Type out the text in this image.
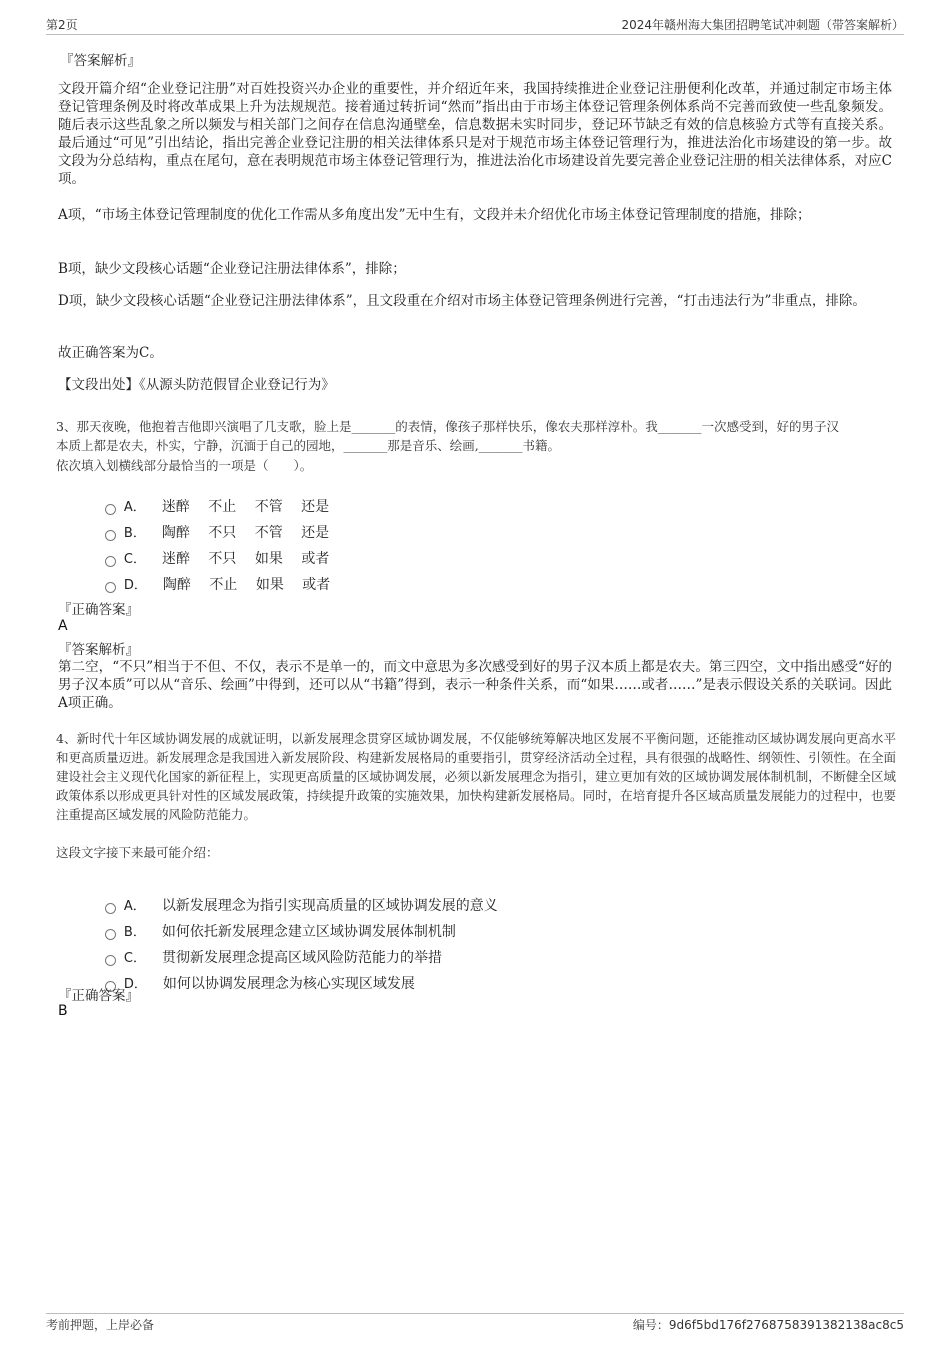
第2页	2024年赣州海大集团招聘笔试冲刺题（带答案解析）
『答案解析』
文段开篇介绍“企业登记注册”对百姓投资兴办企业的重要性，并介绍近年来，我国持续推进企业登记注册便利化改革，并通过制定市场主体登记管理条例及时将改革成果上升为法规规范。接着通过转折词“然而”指出由于市场主体登记管理条例体系尚不完善而致使一些乱象频发。随后表示这些乱象之所以频发与相关部门之间存在信息沟通壁垒，信息数据未实时同步，登记环节缺乏有效的信息核验方式等有直接关系。最后通过“可见”引出结论，指出完善企业登记注册的相关法律体系只是对于规范市场主体登记管理行为，推进法治化市场建设的第一步。故文段为分总结构，重点在尾句，意在表明规范市场主体登记管理行为，推进法治化市场建设首先要完善企业登记注册的相关法律体系，对应C项。
A项，“市场主体登记管理制度的优化工作需从多角度出发”无中生有，文段并未介绍优化市场主体登记管理制度的措施，排除；
B项，缺少文段核心话题“企业登记注册法律体系”，排除；
D项，缺少文段核心话题“企业登记注册法律体系”，且文段重在介绍对市场主体登记管理条例进行完善，“打击违法行为”非重点，排除。
故正确答案为C。
【文段出处】《从源头防范假冒企业登记行为》
3、那天夜晚，他抱着吉他即兴演唱了几支歌，脸上是_______的表情，像孩子那样快乐，像农夫那样淳朴。我_______一次感受到，好的男子汉
本质上都是农夫，朴实，宁静，沉湎于自己的园地，_______那是音乐、绘画,_______书籍。
依次填入划横线部分最恰当的一项是（　　）。

A． 迷醉　 不止　 不管　 还是

B． 陶醉　 不只　 不管　 还是

C． 迷醉　 不只　 如果　 或者

D． 陶醉　 不止　 如果　 或者

『正确答案』
A
『答案解析』
第二空，“不只”相当于不但、不仅，表示不是单一的，而文中意思为多次感受到好的男子汉本质上都是农夫。第三四空，文中指出感受“好的男子汉本质”可以从“音乐、绘画”中得到，还可以从“书籍”得到，表示一种条件关系，而“如果……或者……”是表示假设关系的关联词。因此A项正确。
4、新时代十年区域协调发展的成就证明，以新发展理念贯穿区域协调发展，不仅能够统筹解决地区发展不平衡问题，还能推动区域协调发展向更高水平和更高质量迈进。新发展理念是我国进入新发展阶段、构建新发展格局的重要指引，贯穿经济活动全过程，具有很强的战略性、纲领性、引领性。在全面建设社会主义现代化国家的新征程上，实现更高质量的区域协调发展，必须以新发展理念为指引，建立更加有效的区域协调发展体制机制，不断健全区域政策体系以形成更具针对性的区域发展政策，持续提升政策的实施效果，加快构建新发展格局。同时，在培育提升各区域高质量发展能力的过程中，也要注重提高区域发展的风险防范能力。
这段文字接下来最可能介绍：

A． 以新发展理念为指引实现高质量的区域协调发展的意义

B． 如何依托新发展理念建立区域协调发展体制机制

C． 贯彻新发展理念提高区域风险防范能力的举措

D． 如何以协调发展理念为核心实现区域发展

『正确答案』
B
考前押题，上岸必备	编号：9d6f5bd176f2768758391382138ac8c5
